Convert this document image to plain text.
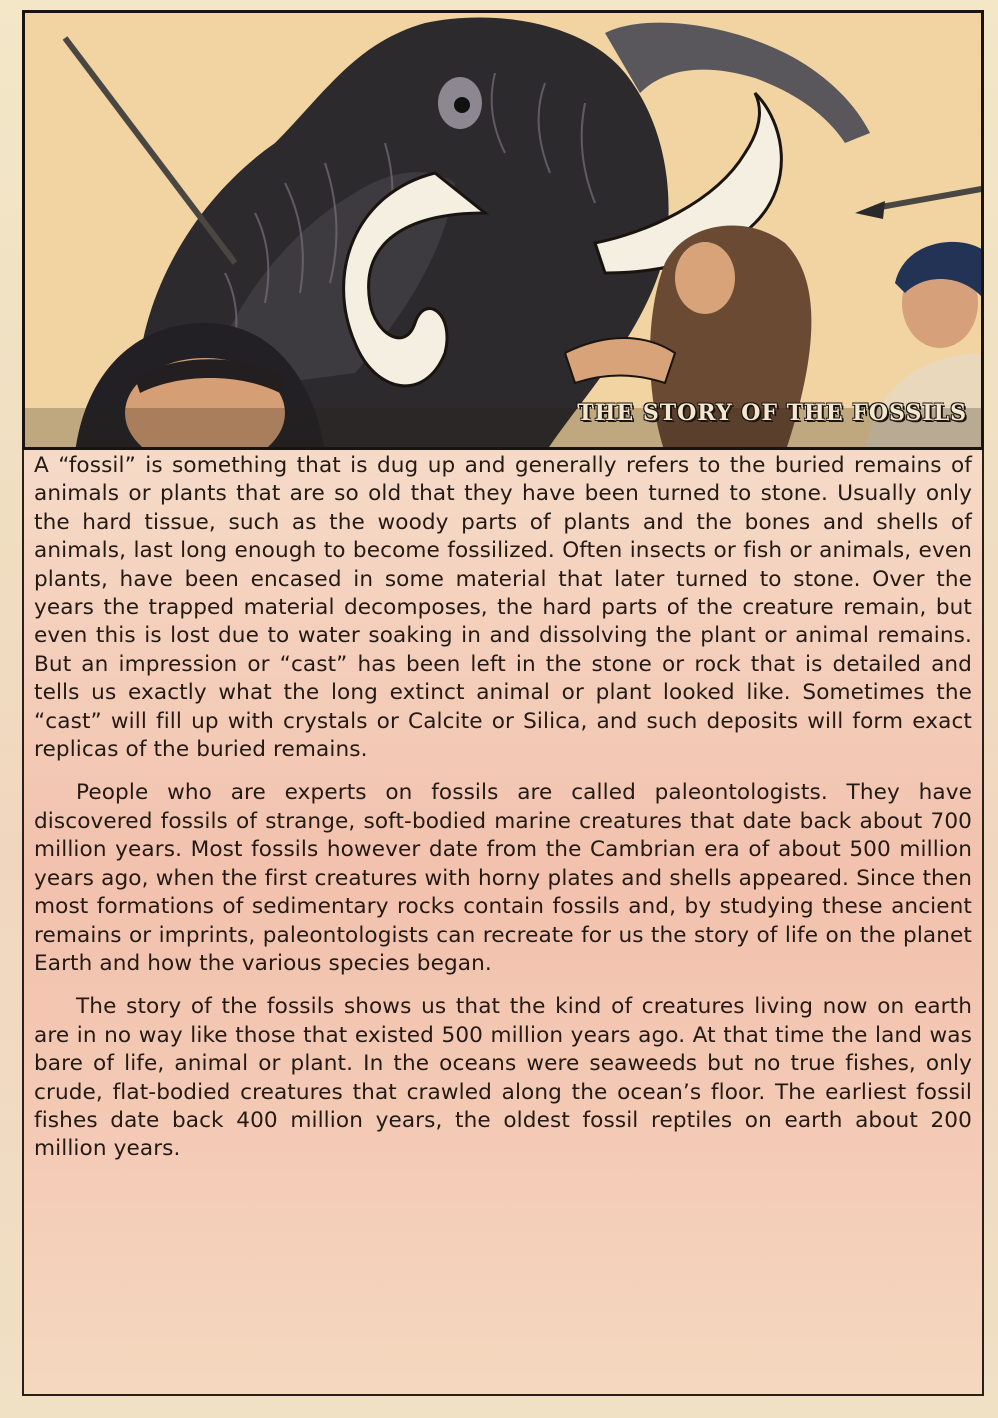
THE STORY OF THE FOSSILS

A “fossil” is something that is dug up and generally refers to the buried remains of animals or plants that are so old that they have been turned to stone. Usually only the hard tissue, such as the woody parts of plants and the bones and shells of animals, last long enough to become fossilized. Often insects or fish or animals, even plants, have been encased in some material that later turned to stone. Over the years the trapped material decomposes, the hard parts of the creature remain, but even this is lost due to water soaking in and dissolving the plant or animal remains. But an impression or “cast” has been left in the stone or rock that is detailed and tells us exactly what the long extinct animal or plant looked like. Sometimes the “cast” will fill up with crystals or Calcite or Silica, and such deposits will form exact replicas of the buried remains.

People who are experts on fossils are called paleontologists. They have discovered fossils of strange, soft-bodied marine creatures that date back about 700 million years. Most fossils however date from the Cambrian era of about 500 million years ago, when the first creatures with horny plates and shells appeared. Since then most formations of sedimentary rocks contain fossils and, by studying these ancient remains or imprints, paleontologists can recreate for us the story of life on the planet Earth and how the various species began.

The story of the fossils shows us that the kind of creatures living now on earth are in no way like those that existed 500 million years ago. At that time the land was bare of life, animal or plant. In the oceans were seaweeds but no true fishes, only crude, flat-bodied creatures that crawled along the ocean’s floor. The earliest fossil fishes date back 400 million years, the oldest fossil reptiles on earth about 200 million years.
